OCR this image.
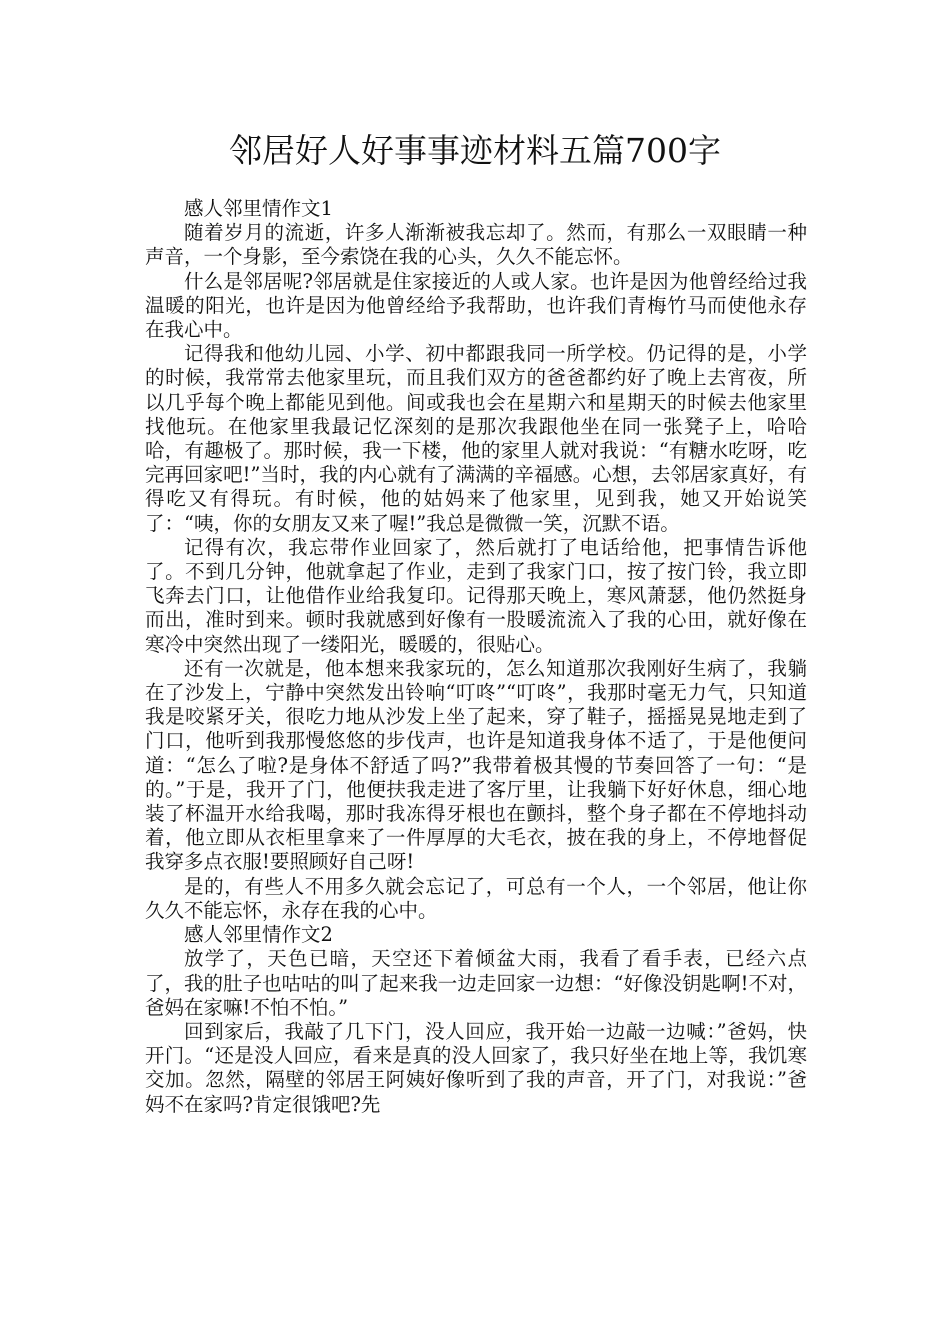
邻居好人好事事迹材料五篇700字

感人邻里情作文1

随着岁月的流逝，许多人渐渐被我忘却了。然而，有那么一双眼睛一种声音，一个身影，至今索饶在我的心头，久久不能忘怀。

什么是邻居呢?邻居就是住家接近的人或人家。也许是因为他曾经给过我温暖的阳光，也许是因为他曾经给予我帮助，也许我们青梅竹马而使他永存在我心中。

记得我和他幼儿园、小学、初中都跟我同一所学校。仍记得的是，小学的时候，我常常去他家里玩，而且我们双方的爸爸都约好了晚上去宵夜，所以几乎每个晚上都能见到他。间或我也会在星期六和星期天的时候去他家里找他玩。在他家里我最记忆深刻的是那次我跟他坐在同一张凳子上，哈哈哈，有趣极了。那时候，我一下楼，他的家里人就对我说：“有糖水吃呀，吃完再回家吧!”当时，我的内心就有了满满的辛福感。心想，去邻居家真好，有得吃又有得玩。有时候，他的姑妈来了他家里，见到我，她又开始说笑了：“咦，你的女朋友又来了喔!”我总是微微一笑，沉默不语。

记得有次，我忘带作业回家了，然后就打了电话给他，把事情告诉他了。不到几分钟，他就拿起了作业，走到了我家门口，按了按门铃，我立即飞奔去门口，让他借作业给我复印。记得那天晚上，寒风萧瑟，他仍然挺身而出，准时到来。顿时我就感到好像有一股暖流流入了我的心田，就好像在寒冷中突然出现了一缕阳光，暖暖的，很贴心。

还有一次就是，他本想来我家玩的，怎么知道那次我刚好生病了，我躺在了沙发上，宁静中突然发出铃响“叮咚”“叮咚”，我那时毫无力气，只知道我是咬紧牙关，很吃力地从沙发上坐了起来，穿了鞋子，摇摇晃晃地走到了门口，他听到我那慢悠悠的步伐声，也许是知道我身体不适了，于是他便问道：“怎么了啦?是身体不舒适了吗?”我带着极其慢的节奏回答了一句：“是的。”于是，我开了门，他便扶我走进了客厅里，让我躺下好好休息，细心地装了杯温开水给我喝，那时我冻得牙根也在颤抖，整个身子都在不停地抖动着，他立即从衣柜里拿来了一件厚厚的大毛衣，披在我的身上，不停地督促我穿多点衣服!要照顾好自己呀!

是的，有些人不用多久就会忘记了，可总有一个人，一个邻居，他让你久久不能忘怀，永存在我的心中。

感人邻里情作文2

放学了，天色已暗，天空还下着倾盆大雨，我看了看手表，已经六点了，我的肚子也咕咕的叫了起来我一边走回家一边想：“好像没钥匙啊!不对，爸妈在家嘛!不怕不怕。”

回到家后，我敲了几下门，没人回应，我开始一边敲一边喊：”爸妈，快开门。“还是没人回应，看来是真的没人回家了，我只好坐在地上等，我饥寒交加。忽然，隔壁的邻居王阿姨好像听到了我的声音，开了门，对我说：”爸妈不在家吗?肯定很饿吧?先
